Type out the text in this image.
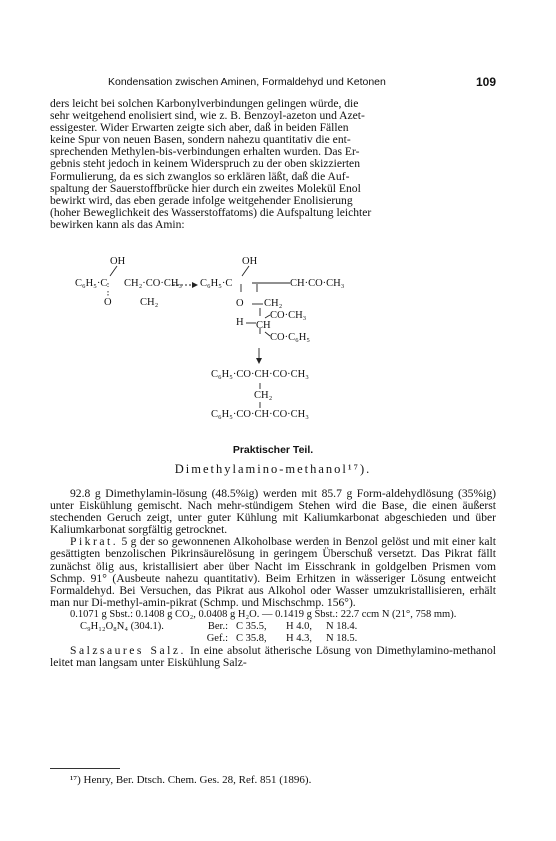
Kondensation zwischen Aminen, Formaldehyd und Ketonen	109

ders leicht bei solchen Karbonylverbindungen gelingen würde, die

sehr weitgehend enolisiert sind, wie z. B. Benzoyl-azeton und Azet-

essigester. Wider Erwarten zeigte sich aber, daß in beiden Fällen

keine Spur von neuen Basen, sondern nahezu quantitativ die ent-

sprechenden Methylen-bis-verbindungen erhalten wurden. Das Er-

gebnis steht jedoch in keinem Widerspruch zu der oben skizzierten

Formulierung, da es sich zwanglos so erklären läßt, daß die Auf-

spaltung der Sauerstoffbrücke hier durch ein zweites Molekül Enol

bewirkt wird, das eben gerade infolge weitgehender Enolisierung

(hoher Beweglichkeit des Wasserstoffatoms) die Aufspaltung leichter

bewirken kann als das Amin:

OH
C₆H₅·C CH₂·CO·CH₃
O	CH₂
OH
C₆H₅·C	CH·CO·CH₃
O CH₂
CO·CH₃
H CH
CO·C₆H₅
C₆H₅·CO·CH·CO·CH₃
CH₂
C₆H₅·CO·CH·CO·CH₃
Praktischer Teil.
Dimethylamino-methanol¹⁷).

92.8 g Dimethylamin-lösung (48.5%ig) werden mit 85.7 g Form-aldehydlösung (35%ig) unter Eiskühlung gemischt. Nach mehr-stündigem Stehen wird die Base, die einen äußerst stechenden Geruch zeigt, unter guter Kühlung mit Kaliumkarbonat abgeschieden und über Kaliumkarbonat sorgfältig getrocknet.

Pikrat. 5 g der so gewonnenen Alkoholbase werden in Benzol gelöst und mit einer kalt gesättigten benzolischen Pikrinsäurelösung in geringem Überschuß versetzt. Das Pikrat fällt zunächst ölig aus, kristallisiert aber über Nacht im Eisschrank in goldgelben Prismen vom Schmp. 91° (Ausbeute nahezu quantitativ). Beim Erhitzen in wässeriger Lösung entweicht Formaldehyd. Bei Versuchen, das Pikrat aus Alkohol oder Wasser umzukristallisieren, erhält man nur Di-methyl-amin-pikrat (Schmp. und Mischschmp. 156°).

0.1071 g Sbst.: 0.1408 g CO₂, 0.0408 g H₂O. — 0.1419 g Sbst.: 22.7 ccm N (21°, 758 mm).

C₉H₁₂O₈N₄ (304.1).	Ber.: C 35.5,	H 4.0,	N 18.4.
Gef.: C 35.8,	H 4.3,	N 18.5.

Salzsaures Salz. In eine absolut ätherische Lösung von Dimethylamino-methanol leitet man langsam unter Eiskühlung Salz-

¹⁷) Henry, Ber. Dtsch. Chem. Ges. 28, Ref. 851 (1896).
